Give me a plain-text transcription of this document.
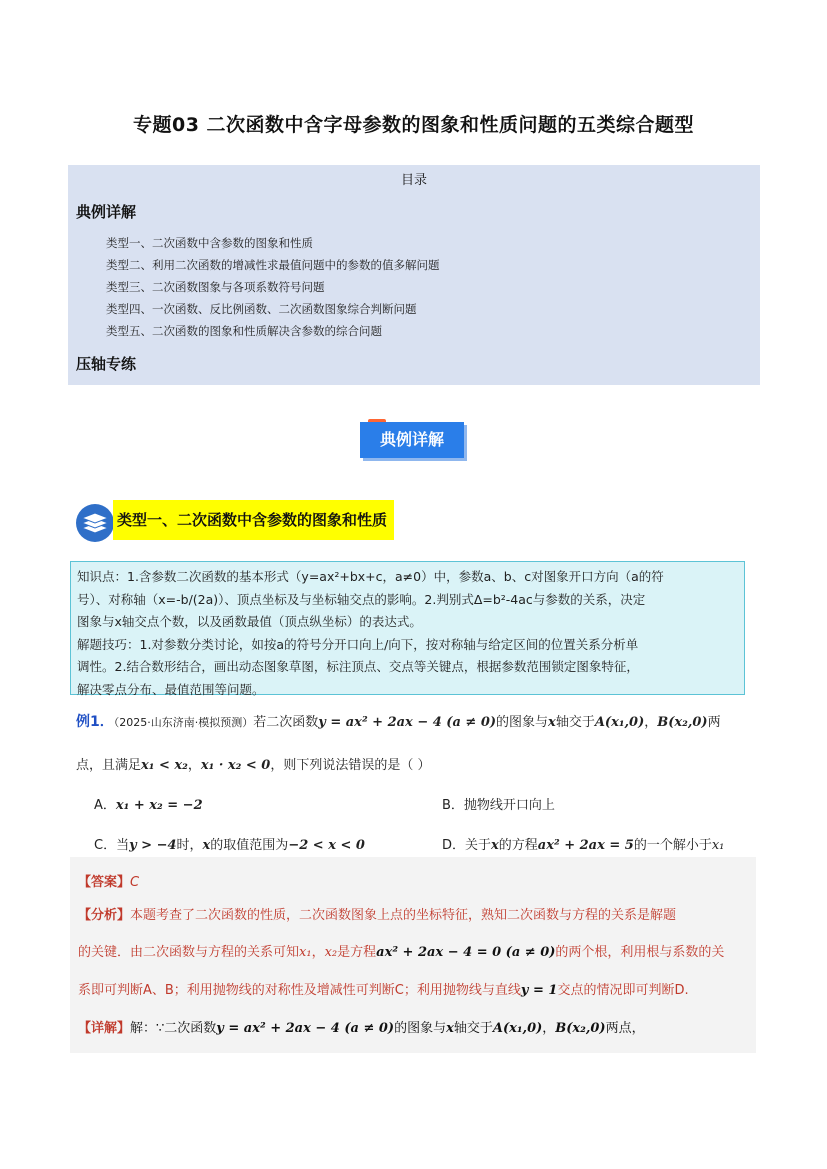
专题03 二次函数中含字母参数的图象和性质问题的五类综合题型
目录
典例详解
类型一、二次函数中含参数的图象和性质
类型二、利用二次函数的增减性求最值问题中的参数的值多解问题
类型三、二次函数图象与各项系数符号问题
类型四、一次函数、反比例函数、二次函数图象综合判断问题
类型五、二次函数的图象和性质解决含参数的综合问题
压轴专练
典例详解
类型一、二次函数中含参数的图象和性质

知识点：1.含参数二次函数的基本形式（y=ax²+bx+c，a≠0）中，参数a、b、c对图象开口方向（a的符

号）、对称轴（x=-b/(2a)）、顶点坐标及与坐标轴交点的影响。2.判别式Δ=b²-4ac与参数的关系，决定

图象与x轴交点个数，以及函数最值（顶点纵坐标）的表达式。

解题技巧：1.对参数分类讨论，如按a的符号分开口向上/向下，按对称轴与给定区间的位置关系分析单

调性。2.结合数形结合，画出动态图象草图，标注顶点、交点等关键点，根据参数范围锁定图象特征，

解决零点分布、最值范围等问题。

例1．（2025·山东济南·模拟预测）若二次函数y = ax² + 2ax − 4 (a ≠ 0)的图象与x轴交于A(x₁,0)，B(x₂,0)两
点，且满足x₁ < x₂，x₁ · x₂ < 0，则下列说法错误的是（ ）
A．x₁ + x₂ = −2	B．抛物线开口向上
C．当y > −4时，x的取值范围为−2 < x < 0	D．关于x的方程ax² + 2ax = 5的一个解小于x₁
【答案】C
【分析】本题考查了二次函数的性质，二次函数图象上点的坐标特征，熟知二次函数与方程的关系是解题
的关键．由二次函数与方程的关系可知x₁，x₂是方程ax² + 2ax − 4 = 0 (a ≠ 0)的两个根，利用根与系数的关
系即可判断A、B；利用抛物线的对称性及增减性可判断C；利用抛物线与直线y = 1交点的情况即可判断D.
【详解】解：∵二次函数y = ax² + 2ax − 4 (a ≠ 0)的图象与x轴交于A(x₁,0)，B(x₂,0)两点，
